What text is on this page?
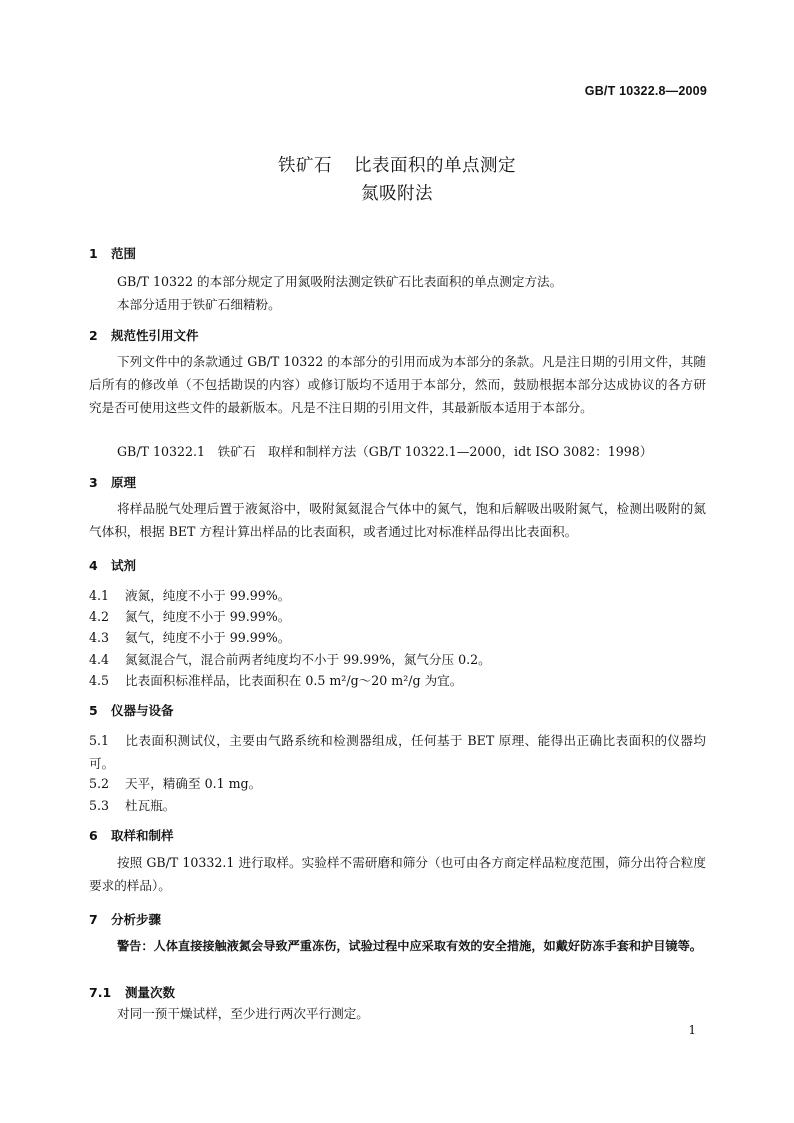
GB/T 10322.8—2009
铁矿石 比表面积的单点测定
氮吸附法
1 范围
GB/T 10322 的本部分规定了用氮吸附法测定铁矿石比表面积的单点测定方法。
本部分适用于铁矿石细精粉。
2 规范性引用文件
下列文件中的条款通过 GB/T 10322 的本部分的引用而成为本部分的条款。凡是注日期的引用文件，其随后所有的修改单（不包括勘误的内容）或修订版均不适用于本部分，然而，鼓励根据本部分达成协议的各方研究是否可使用这些文件的最新版本。凡是不注日期的引用文件，其最新版本适用于本部分。
GB/T 10322.1　铁矿石　取样和制样方法（GB/T 10322.1—2000，idt ISO 3082：1998）
3 原理
将样品脱气处理后置于液氮浴中，吸附氮氦混合气体中的氮气，饱和后解吸出吸附氮气，检测出吸附的氮气体积，根据 BET 方程计算出样品的比表面积，或者通过比对标准样品得出比表面积。
4 试剂
4.1 液氮，纯度不小于 99.99%。
4.2 氮气，纯度不小于 99.99%。
4.3 氦气，纯度不小于 99.99%。
4.4 氮氦混合气，混合前两者纯度均不小于 99.99%，氮气分压 0.2。
4.5 比表面积标准样品，比表面积在 0.5 m²/g～20 m²/g 为宜。
5 仪器与设备
5.1 比表面积测试仪，主要由气路系统和检测器组成，任何基于 BET 原理、能得出正确比表面积的仪器均可。
5.2 天平，精确至 0.1 mg。
5.3 杜瓦瓶。
6 取样和制样
按照 GB/T 10332.1 进行取样。实验样不需研磨和筛分（也可由各方商定样品粒度范围，筛分出符合粒度要求的样品）。
7 分析步骤
警告：人体直接接触液氮会导致严重冻伤，试验过程中应采取有效的安全措施，如戴好防冻手套和护目镜等。
7.1 测量次数
对同一预干燥试样，至少进行两次平行测定。
1
